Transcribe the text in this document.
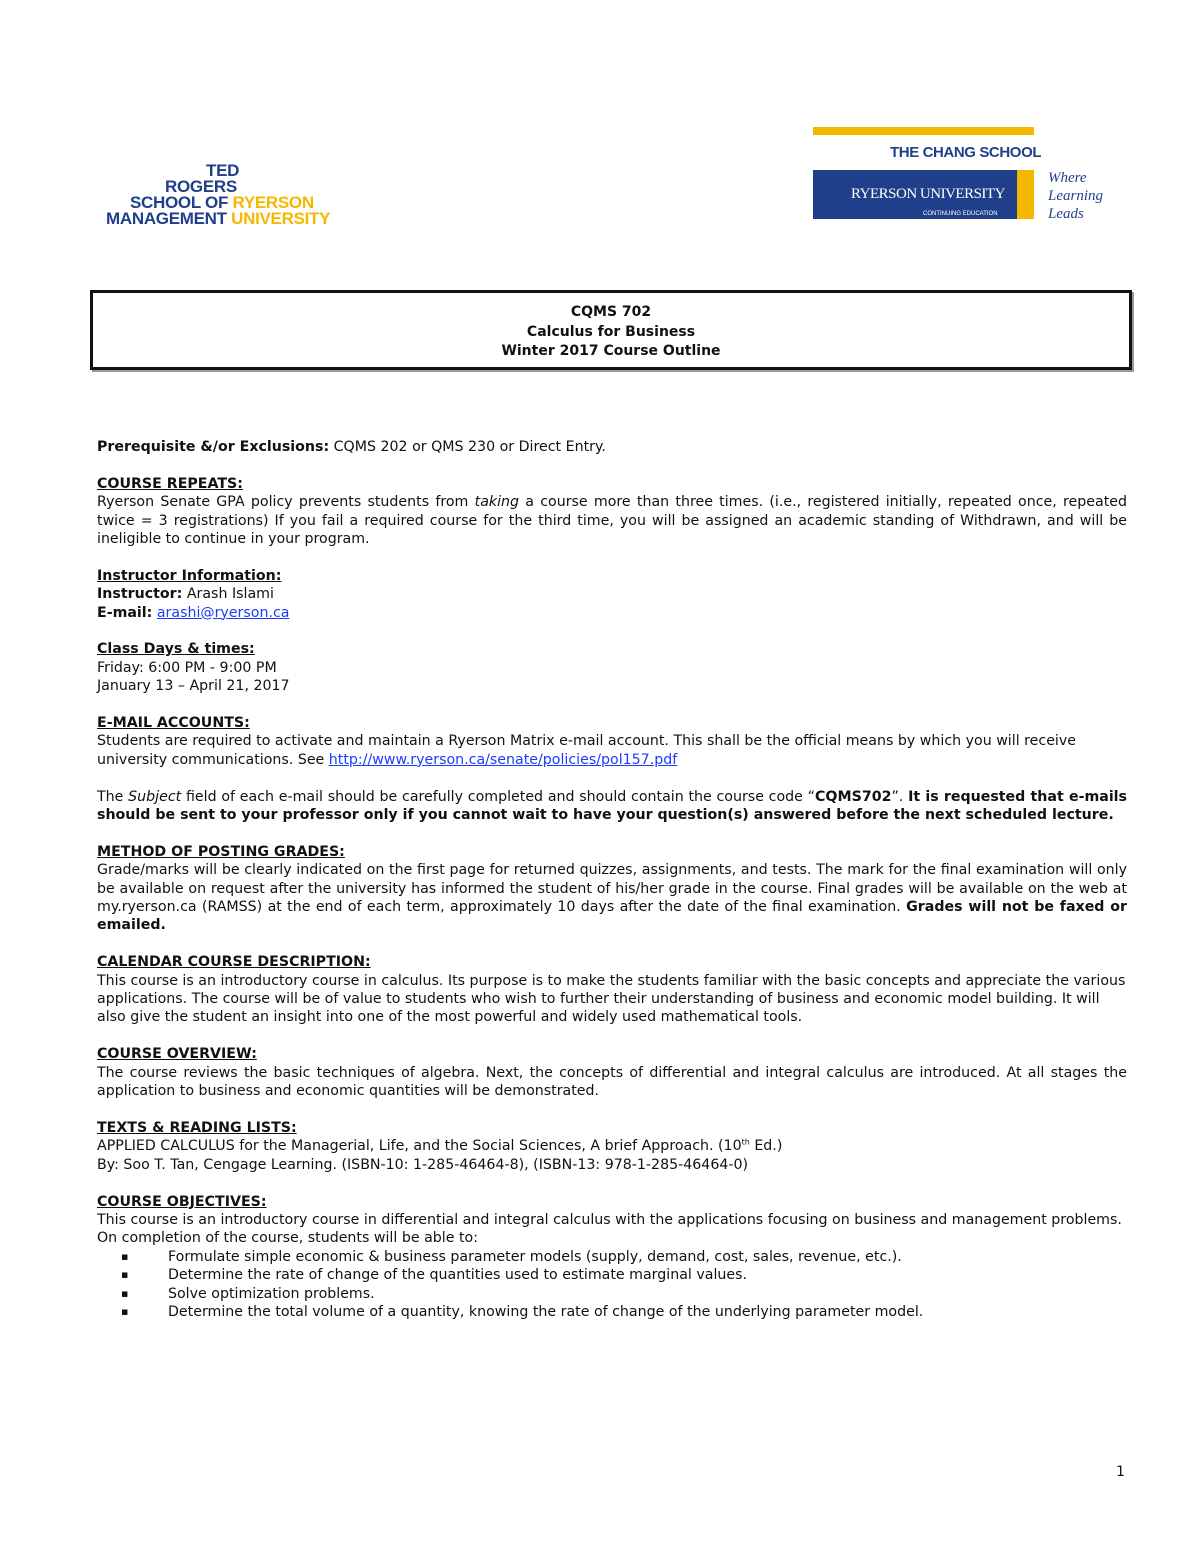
TED
ROGERS
SCHOOL OF RYERSON
MANAGEMENT UNIVERSITY
THE CHANG SCHOOL
RYERSON UNIVERSITY
CONTINUING EDUCATION
Where
Learning
Leads
CQMS 702
Calculus for Business
Winter 2017 Course Outline

Prerequisite &/or Exclusions: CQMS 202 or QMS 230 or Direct Entry.

COURSE REPEATS:

Ryerson Senate GPA policy prevents students from taking a course more than three times. (i.e., registered initially, repeated once, repeated twice = 3 registrations) If you fail a required course for the third time, you will be assigned an academic standing of Withdrawn, and will be ineligible to continue in your program.

Instructor Information:

Instructor: Arash Islami

E-mail: arashi@ryerson.ca

Class Days & times:

Friday: 6:00 PM - 9:00 PM

January 13 – April 21, 2017

E-MAIL ACCOUNTS:

Students are required to activate and maintain a Ryerson Matrix e-mail account. This shall be the official means by which you will receive university communications. See http://www.ryerson.ca/senate/policies/pol157.pdf

The Subject field of each e-mail should be carefully completed and should contain the course code “CQMS702”. It is requested that e-mails should be sent to your professor only if you cannot wait to have your question(s) answered before the next scheduled lecture.

METHOD OF POSTING GRADES:

Grade/marks will be clearly indicated on the first page for returned quizzes, assignments, and tests. The mark for the final examination will only be available on request after the university has informed the student of his/her grade in the course. Final grades will be available on the web at my.ryerson.ca (RAMSS) at the end of each term, approximately 10 days after the date of the final examination. Grades will not be faxed or emailed.

CALENDAR COURSE DESCRIPTION:

This course is an introductory course in calculus. Its purpose is to make the students familiar with the basic concepts and appreciate the various applications. The course will be of value to students who wish to further their understanding of business and economic model building. It will also give the student an insight into one of the most powerful and widely used mathematical tools.

COURSE OVERVIEW:

The course reviews the basic techniques of algebra. Next, the concepts of differential and integral calculus are introduced. At all stages the application to business and economic quantities will be demonstrated.

TEXTS & READING LISTS:

APPLIED CALCULUS for the Managerial, Life, and the Social Sciences, A brief Approach. (10th Ed.)

By: Soo T. Tan, Cengage Learning. (ISBN-10: 1-285-46464-8), (ISBN-13: 978-1-285-46464-0)

COURSE OBJECTIVES:

This course is an introductory course in differential and integral calculus with the applications focusing on business and management problems. On completion of the course, students will be able to:

▪ Formulate simple economic & business parameter models (supply, demand, cost, sales, revenue, etc.).
▪ Determine the rate of change of the quantities used to estimate marginal values.
▪ Solve optimization problems.
▪ Determine the total volume of a quantity, knowing the rate of change of the underlying parameter model.
1
